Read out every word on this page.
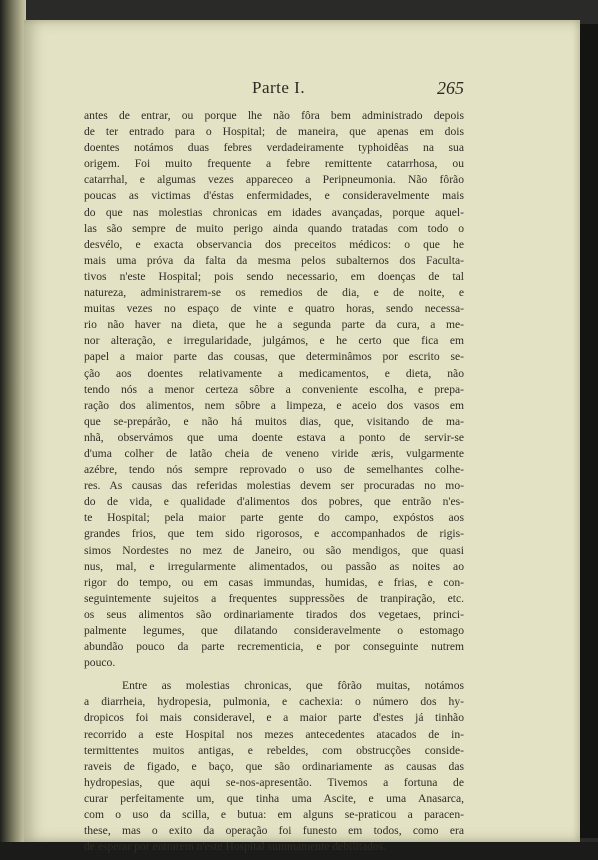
Parte I.	265
antes de entrar, ou porque lhe não fôra bem administrado depois
de ter entrado para o Hospital; de maneira, que apenas em dois
doentes notámos duas febres verdadeiramente typhoidêas na sua
origem. Foi muito frequente a febre remittente catarrhosa, ou
catarrhal, e algumas vezes appareceo a Peripneumonia. Não fôrão
poucas as victimas d'éstas enfermidades, e consideravelmente mais
do que nas molestias chronicas em idades avançadas, porque aquel-
las são sempre de muito perigo ainda quando tratadas com todo o
desvélo, e exacta observancia dos preceitos médicos: o que he
mais uma próva da falta da mesma pelos subalternos dos Faculta-
tivos n'este Hospital; pois sendo necessario, em doenças de tal
natureza, administrarem-se os remedios de dia, e de noite, e
muitas vezes no espaço de vinte e quatro horas, sendo necessa-
rio não haver na dieta, que he a segunda parte da cura, a me-
nor alteração, e irregularidade, julgámos, e he certo que fica em
papel a maior parte das cousas, que determinâmos por escrito se-
ção aos doentes relativamente a medicamentos, e dieta, não
tendo nós a menor certeza sôbre a conveniente escolha, e prepa-
ração dos alimentos, nem sôbre a limpeza, e aceio dos vasos em
que se-prepárão, e não há muitos dias, que, visitando de ma-
nhã, observámos que uma doente estava a ponto de servir-se
d'uma colher de latão cheia de veneno viride æris, vulgarmente
azébre, tendo nós sempre reprovado o uso de semelhantes colhe-
res. As causas das referidas molestias devem ser procuradas no mo-
do de vida, e qualidade d'alimentos dos pobres, que entrão n'es-
te Hospital; pela maior parte gente do campo, expóstos aos
grandes frios, que tem sido rigorosos, e accompanhados de rigis-
simos Nordestes no mez de Janeiro, ou são mendigos, que quasi
nus, mal, e irregularmente alimentados, ou passão as noites ao
rigor do tempo, ou em casas immundas, humidas, e frias, e con-
seguintemente sujeitos a frequentes suppressões de tranpiração, etc.
os seus alimentos são ordinariamente tirados dos vegetaes, princi-
palmente legumes, que dilatando consideravelmente o estomago
abundão pouco da parte recrementicia, e por conseguinte nutrem
pouco.
Entre as molestias chronicas, que fôrão muitas, notámos
a diarrheia, hydropesia, pulmonia, e cachexia: o número dos hy-
dropicos foi mais consideravel, e a maior parte d'estes já tinhão
recorrido a este Hospital nos mezes antecedentes atacados de in-
termittentes muitos antigas, e rebeldes, com obstrucções conside-
raveis de figado, e baço, que são ordinariamente as causas das
hydropesias, que aqui se-nos-apresentão. Tivemos a fortuna de
curar perfeitamente um, que tinha uma Ascite, e uma Anasarca,
com o uso da scilla, e butua: em alguns se-praticou a paracen-
these, mas o exito da operação foi funesto em todos, como era
de esperar por entrarem n'este Hospital summamente debilitados.
